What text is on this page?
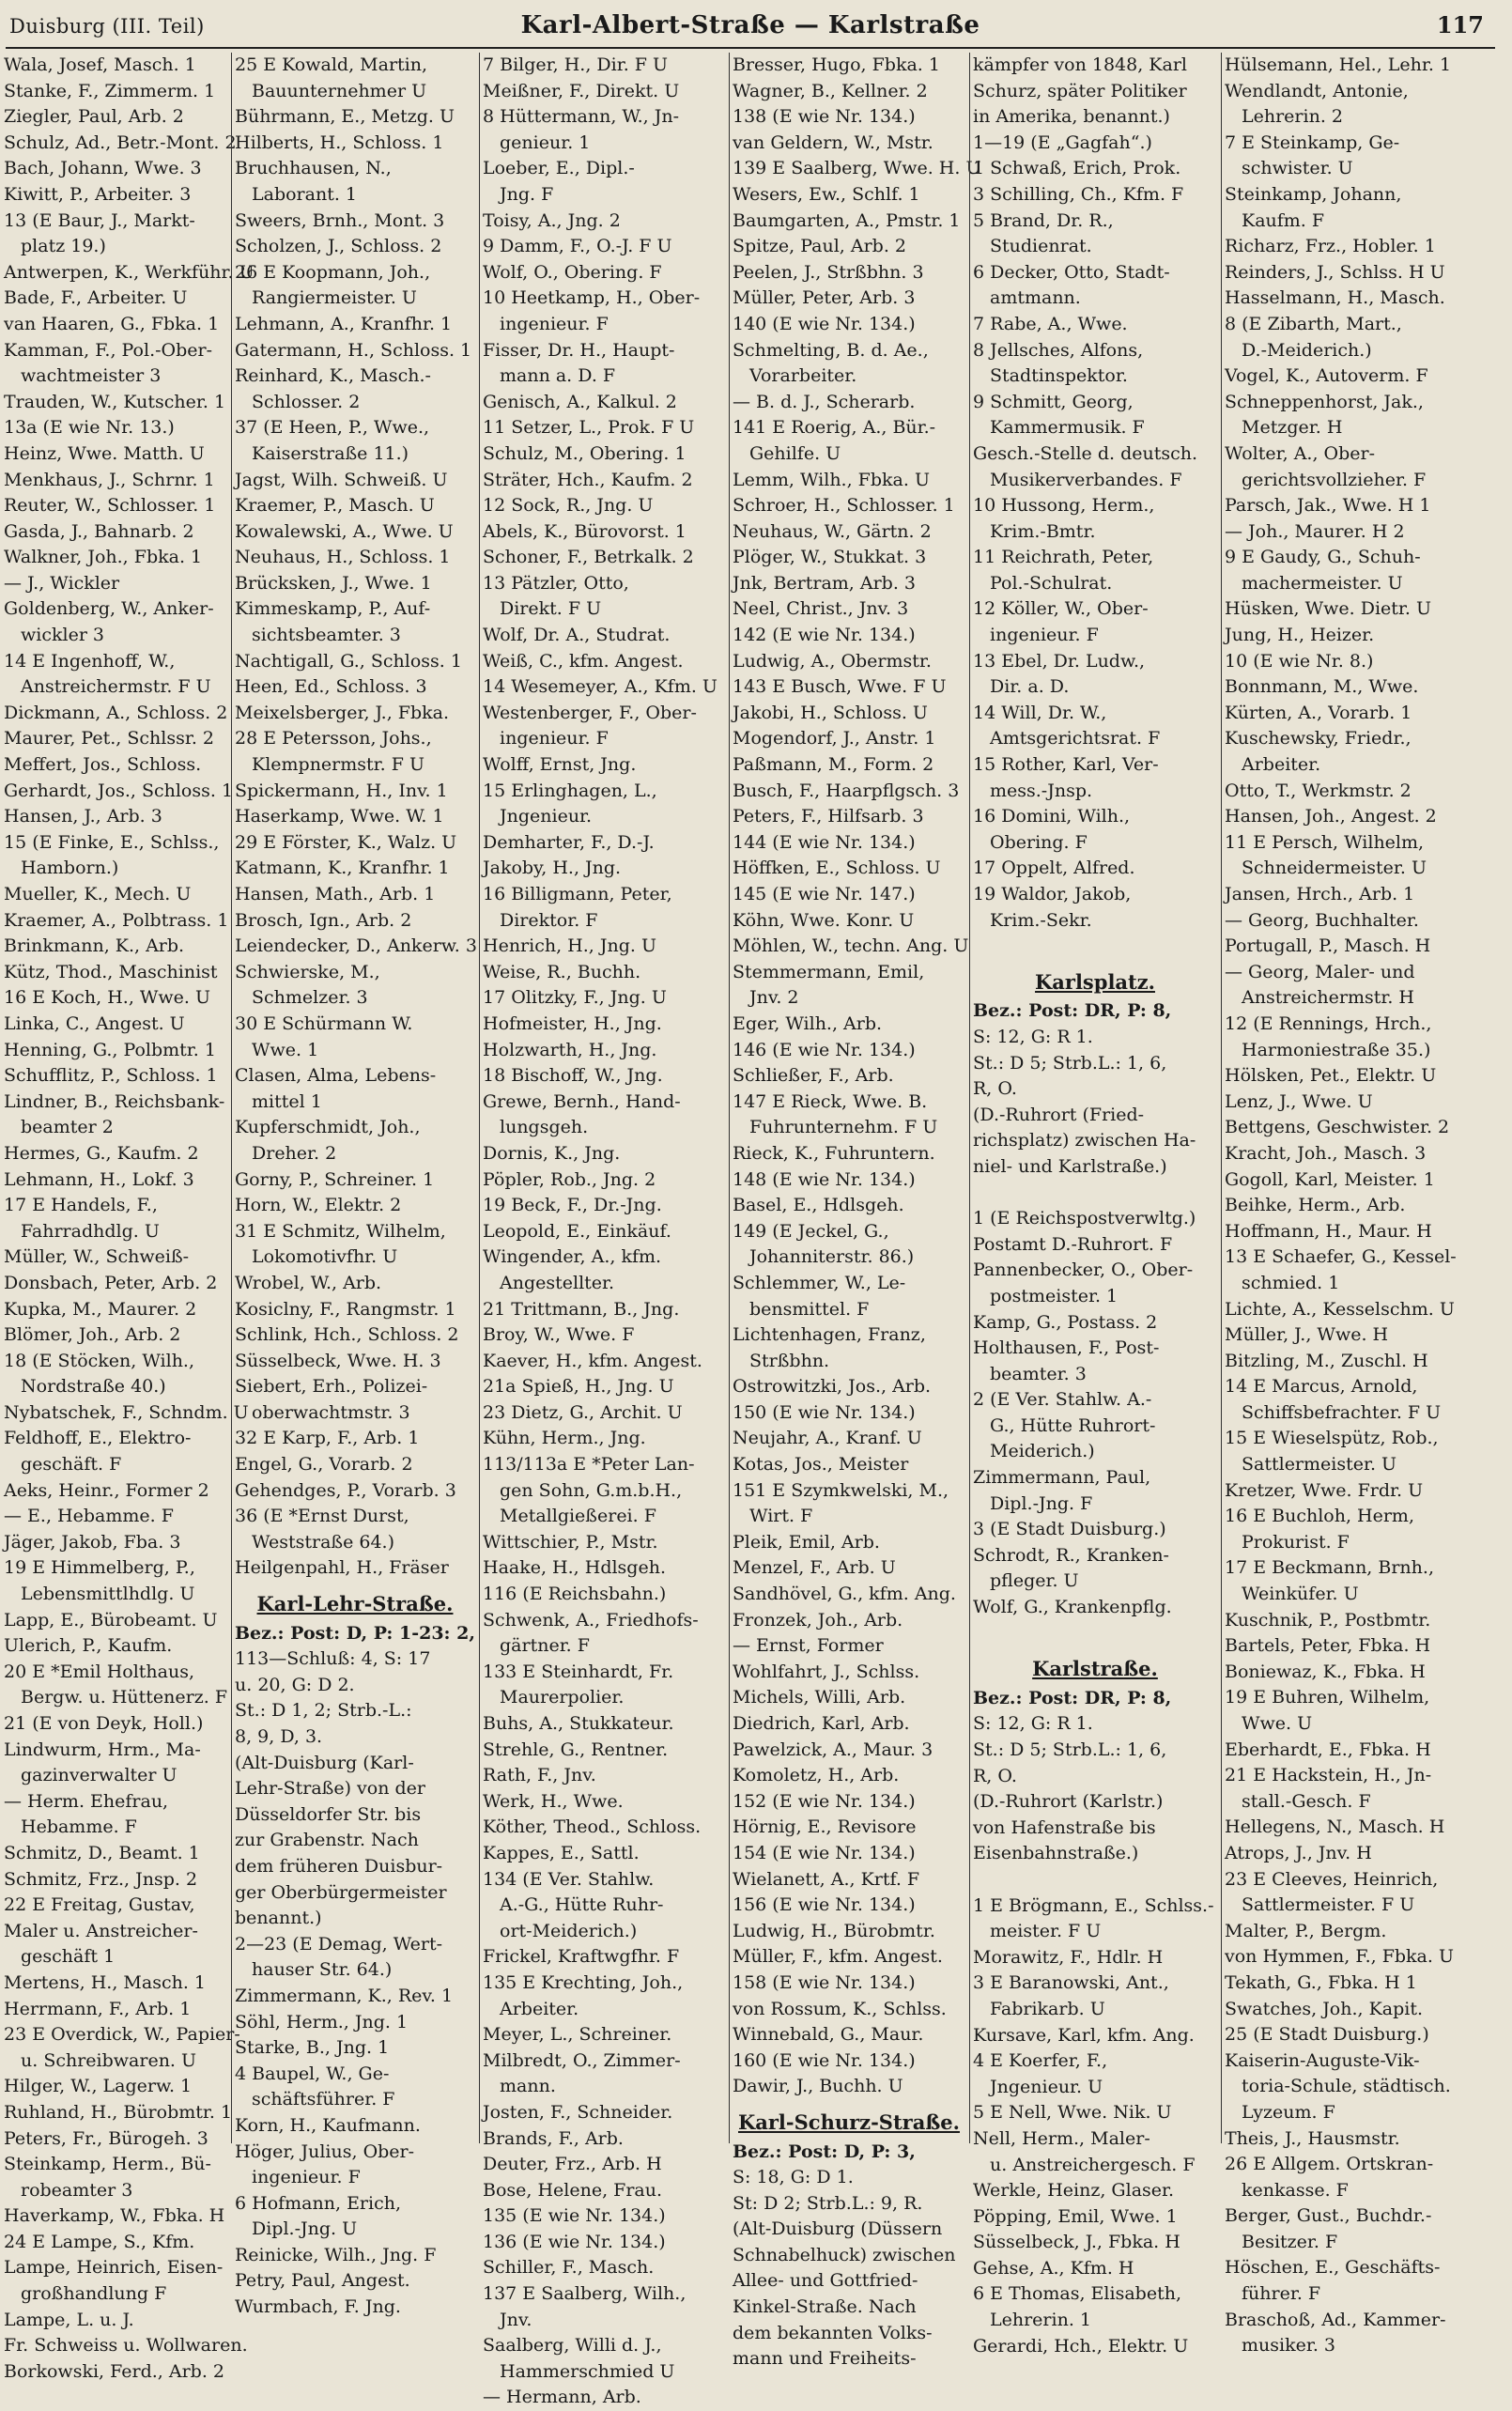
Duisburg (III. Teil)	Karl-Albert-Straße — Karlstraße	117
Wala, Josef, Masch. 1
Stanke, F., Zimmerm. 1
Ziegler, Paul, Arb. 2
Schulz, Ad., Betr.-Mont. 2
Bach, Johann, Wwe. 3
Kiwitt, P., Arbeiter. 3
13 (E Baur, J., Markt-
platz 19.)
Antwerpen, K., Werkführ. U
Bade, F., Arbeiter. U
van Haaren, G., Fbka. 1
Kamman, F., Pol.-Ober-
wachtmeister 3
Trauden, W., Kutscher. 1
13a (E wie Nr. 13.)
Heinz, Wwe. Matth. U
Menkhaus, J., Schrnr. 1
Reuter, W., Schlosser. 1
Gasda, J., Bahnarb. 2
Walkner, Joh., Fbka. 1
— J., Wickler
Goldenberg, W., Anker-
wickler 3
14 E Ingenhoff, W.,
Anstreichermstr. F U
Dickmann, A., Schloss. 2
Maurer, Pet., Schlssr. 2
Meffert, Jos., Schloss.
Gerhardt, Jos., Schloss. 1
Hansen, J., Arb. 3
15 (E Finke, E., Schlss.,
Hamborn.)
Mueller, K., Mech. U
Kraemer, A., Polbtrass. 1
Brinkmann, K., Arb.
Kütz, Thod., Maschinist
16 E Koch, H., Wwe. U
Linka, C., Angest. U
Henning, G., Polbmtr. 1
Schufflitz, P., Schloss. 1
Lindner, B., Reichsbank-
beamter 2
Hermes, G., Kaufm. 2
Lehmann, H., Lokf. 3
17 E Handels, F.,
Fahrradhdlg. U
Müller, W., Schweiß-
Donsbach, Peter, Arb. 2
Kupka, M., Maurer. 2
Blömer, Joh., Arb. 2
18 (E Stöcken, Wilh.,
Nordstraße 40.)
Nybatschek, F., Schndm. U
Feldhoff, E., Elektro-
geschäft. F
Aeks, Heinr., Former 2
— E., Hebamme. F
Jäger, Jakob, Fba. 3
19 E Himmelberg, P.,
Lebensmittlhdlg. U
Lapp, E., Bürobeamt. U
Ulerich, P., Kaufm.
20 E *Emil Holthaus,
Bergw. u. Hüttenerz. F
21 (E von Deyk, Holl.)
Lindwurm, Hrm., Ma-
gazinverwalter U
— Herm. Ehefrau,
Hebamme. F
Schmitz, D., Beamt. 1
Schmitz, Frz., Jnsp. 2
22 E Freitag, Gustav,
Maler u. Anstreicher-
geschäft 1
Mertens, H., Masch. 1
Herrmann, F., Arb. 1
23 E Overdick, W., Papier-
u. Schreibwaren. U
Hilger, W., Lagerw. 1
Ruhland, H., Bürobmtr. 1
Peters, Fr., Bürogeh. 3
Steinkamp, Herm., Bü-
robeamter 3
Haverkamp, W., Fbka. H
24 E Lampe, S., Kfm.
Lampe, Heinrich, Eisen-
großhandlung F
Lampe, L. u. J.
Fr. Schweiss u. Wollwaren.
Borkowski, Ferd., Arb. 2
25 E Kowald, Martin,
Bauunternehmer U
Bührmann, E., Metzg. U
Hilberts, H., Schloss. 1
Bruchhausen, N.,
Laborant. 1
Sweers, Brnh., Mont. 3
Scholzen, J., Schloss. 2
26 E Koopmann, Joh.,
Rangiermeister. U
Lehmann, A., Kranfhr. 1
Gatermann, H., Schloss. 1
Reinhard, K., Masch.-
Schlosser. 2
37 (E Heen, P., Wwe.,
Kaiserstraße 11.)
Jagst, Wilh. Schweiß. U
Kraemer, P., Masch. U
Kowalewski, A., Wwe. U
Neuhaus, H., Schloss. 1
Brücksken, J., Wwe. 1
Kimmeskamp, P., Auf-
sichtsbeamter. 3
Nachtigall, G., Schloss. 1
Heen, Ed., Schloss. 3
Meixelsberger, J., Fbka.
28 E Petersson, Johs.,
Klempnermstr. F U
Spickermann, H., Inv. 1
Haserkamp, Wwe. W. 1
29 E Förster, K., Walz. U
Katmann, K., Kranfhr. 1
Hansen, Math., Arb. 1
Brosch, Ign., Arb. 2
Leiendecker, D., Ankerw. 3
Schwierske, M.,
Schmelzer. 3
30 E Schürmann W.
Wwe. 1
Clasen, Alma, Lebens-
mittel 1
Kupferschmidt, Joh.,
Dreher. 2
Gorny, P., Schreiner. 1
Horn, W., Elektr. 2
31 E Schmitz, Wilhelm,
Lokomotivfhr. U
Wrobel, W., Arb.
Kosiclny, F., Rangmstr. 1
Schlink, Hch., Schloss. 2
Süsselbeck, Wwe. H. 3
Siebert, Erh., Polizei-
oberwachtmstr. 3
32 E Karp, F., Arb. 1
Engel, G., Vorarb. 2
Gehendges, P., Vorarb. 3
36 (E *Ernst Durst,
Weststraße 64.)
Heilgenpahl, H., Fräser
Karl-Lehr-Straße.
Bez.: Post: D, P: 1-23: 2,
113—Schluß: 4, S: 17
u. 20, G: D 2.
St.: D 1, 2; Strb.-L.:
8, 9, D, 3.
(Alt-Duisburg (Karl-
Lehr-Straße) von der
Düsseldorfer Str. bis
zur Grabenstr. Nach
dem früheren Duisbur-
ger Oberbürgermeister
benannt.)
2—23 (E Demag, Wert-
hauser Str. 64.)
Zimmermann, K., Rev. 1
Söhl, Herm., Jng. 1
Starke, B., Jng. 1
4 Baupel, W., Ge-
schäftsführer. F
Korn, H., Kaufmann.
Höger, Julius, Ober-
ingenieur. F
6 Hofmann, Erich,
Dipl.-Jng. U
Reinicke, Wilh., Jng. F
Petry, Paul, Angest.
Wurmbach, F. Jng.
7 Bilger, H., Dir. F U
Meißner, F., Direkt. U
8 Hüttermann, W., Jn-
genieur. 1
Loeber, E., Dipl.-
Jng. F
Toisy, A., Jng. 2
9 Damm, F., O.-J. F U
Wolf, O., Obering. F
10 Heetkamp, H., Ober-
ingenieur. F
Fisser, Dr. H., Haupt-
mann a. D. F
Genisch, A., Kalkul. 2
11 Setzer, L., Prok. F U
Schulz, M., Obering. 1
Sträter, Hch., Kaufm. 2
12 Sock, R., Jng. U
Abels, K., Bürovorst. 1
Schoner, F., Betrkalk. 2
13 Pätzler, Otto,
Direkt. F U
Wolf, Dr. A., Studrat.
Weiß, C., kfm. Angest.
14 Wesemeyer, A., Kfm. U
Westenberger, F., Ober-
ingenieur. F
Wolff, Ernst, Jng.
15 Erlinghagen, L.,
Jngenieur.
Demharter, F., D.-J.
Jakoby, H., Jng.
16 Billigmann, Peter,
Direktor. F
Henrich, H., Jng. U
Weise, R., Buchh.
17 Olitzky, F., Jng. U
Hofmeister, H., Jng.
Holzwarth, H., Jng.
18 Bischoff, W., Jng.
Grewe, Bernh., Hand-
lungsgeh.
Dornis, K., Jng.
Pöpler, Rob., Jng. 2
19 Beck, F., Dr.-Jng.
Leopold, E., Einkäuf.
Wingender, A., kfm.
Angestellter.
21 Trittmann, B., Jng.
Broy, W., Wwe. F
Kaever, H., kfm. Angest.
21a Spieß, H., Jng. U
23 Dietz, G., Archit. U
Kühn, Herm., Jng.
113/113a E *Peter Lan-
gen Sohn, G.m.b.H.,
Metallgießerei. F
Wittschier, P., Mstr.
Haake, H., Hdlsgeh.
116 (E Reichsbahn.)
Schwenk, A., Friedhofs-
gärtner. F
133 E Steinhardt, Fr.
Maurerpolier.
Buhs, A., Stukkateur.
Strehle, G., Rentner.
Rath, F., Jnv.
Werk, H., Wwe.
Köther, Theod., Schloss.
Kappes, E., Sattl.
134 (E Ver. Stahlw.
A.-G., Hütte Ruhr-
ort-Meiderich.)
Frickel, Kraftwgfhr. F
135 E Krechting, Joh.,
Arbeiter.
Meyer, L., Schreiner.
Milbredt, O., Zimmer-
mann.
Josten, F., Schneider.
Brands, F., Arb.
Deuter, Frz., Arb. H
Bose, Helene, Frau.
135 (E wie Nr. 134.)
136 (E wie Nr. 134.)
Schiller, F., Masch.
137 E Saalberg, Wilh.,
Jnv.
Saalberg, Willi d. J.,
Hammerschmied U
— Hermann, Arb.
Bresser, Hugo, Fbka. 1
Wagner, B., Kellner. 2
138 (E wie Nr. 134.)
van Geldern, W., Mstr.
139 E Saalberg, Wwe. H. U
Wesers, Ew., Schlf. 1
Baumgarten, A., Pmstr. 1
Spitze, Paul, Arb. 2
Peelen, J., Strßbhn. 3
Müller, Peter, Arb. 3
140 (E wie Nr. 134.)
Schmelting, B. d. Ae.,
Vorarbeiter.
— B. d. J., Scherarb.
141 E Roerig, A., Bür.-
Gehilfe. U
Lemm, Wilh., Fbka. U
Schroer, H., Schlosser. 1
Neuhaus, W., Gärtn. 2
Plöger, W., Stukkat. 3
Jnk, Bertram, Arb. 3
Neel, Christ., Jnv. 3
142 (E wie Nr. 134.)
Ludwig, A., Obermstr.
143 E Busch, Wwe. F U
Jakobi, H., Schloss. U
Mogendorf, J., Anstr. 1
Paßmann, M., Form. 2
Busch, F., Haarpflgsch. 3
Peters, F., Hilfsarb. 3
144 (E wie Nr. 134.)
Höffken, E., Schloss. U
145 (E wie Nr. 147.)
Köhn, Wwe. Konr. U
Möhlen, W., techn. Ang. U
Stemmermann, Emil,
Jnv. 2
Eger, Wilh., Arb.
146 (E wie Nr. 134.)
Schließer, F., Arb.
147 E Rieck, Wwe. B.
Fuhrunternehm. F U
Rieck, K., Fuhruntern.
148 (E wie Nr. 134.)
Basel, E., Hdlsgeh.
149 (E Jeckel, G.,
Johanniterstr. 86.)
Schlemmer, W., Le-
bensmittel. F
Lichtenhagen, Franz,
Strßbhn.
Ostrowitzki, Jos., Arb.
150 (E wie Nr. 134.)
Neujahr, A., Kranf. U
Kotas, Jos., Meister
151 E Szymkwelski, M.,
Wirt. F
Pleik, Emil, Arb.
Menzel, F., Arb. U
Sandhövel, G., kfm. Ang.
Fronzek, Joh., Arb.
— Ernst, Former
Wohlfahrt, J., Schlss.
Michels, Willi, Arb.
Diedrich, Karl, Arb.
Pawelzick, A., Maur. 3
Komoletz, H., Arb.
152 (E wie Nr. 134.)
Hörnig, E., Revisore
154 (E wie Nr. 134.)
Wielanett, A., Krtf. F
156 (E wie Nr. 134.)
Ludwig, H., Bürobmtr.
Müller, F., kfm. Angest.
158 (E wie Nr. 134.)
von Rossum, K., Schlss.
Winnebald, G., Maur.
160 (E wie Nr. 134.)
Dawir, J., Buchh. U
Karl-Schurz-Straße.
Bez.: Post: D, P: 3,
S: 18, G: D 1.
St: D 2; Strb.L.: 9, R.
(Alt-Duisburg (Düssern
Schnabelhuck) zwischen
Allee- und Gottfried-
Kinkel-Straße. Nach
dem bekannten Volks-
mann und Freiheits-
kämpfer von 1848, Karl
Schurz, später Politiker
in Amerika, benannt.)
1—19 (E „Gagfah“.)
1 Schwaß, Erich, Prok.
3 Schilling, Ch., Kfm. F
5 Brand, Dr. R.,
Studienrat.
6 Decker, Otto, Stadt-
amtmann.
7 Rabe, A., Wwe.
8 Jellsches, Alfons,
Stadtinspektor.
9 Schmitt, Georg,
Kammermusik. F
Gesch.-Stelle d. deutsch.
Musikerverbandes. F
10 Hussong, Herm.,
Krim.-Bmtr.
11 Reichrath, Peter,
Pol.-Schulrat.
12 Köller, W., Ober-
ingenieur. F
13 Ebel, Dr. Ludw.,
Dir. a. D.
14 Will, Dr. W.,
Amtsgerichtsrat. F
15 Rother, Karl, Ver-
mess.-Jnsp.
16 Domini, Wilh.,
Obering. F
17 Oppelt, Alfred.
19 Waldor, Jakob,
Krim.-Sekr.
Karlsplatz.
Bez.: Post: DR, P: 8,
S: 12, G: R 1.
St.: D 5; Strb.L.: 1, 6,
R, O.
(D.-Ruhrort (Fried-
richsplatz) zwischen Ha-
niel- und Karlstraße.)
1 (E Reichspostverwltg.)
Postamt D.-Ruhrort. F
Pannenbecker, O., Ober-
postmeister. 1
Kamp, G., Postass. 2
Holthausen, F., Post-
beamter. 3
2 (E Ver. Stahlw. A.-
G., Hütte Ruhrort-
Meiderich.)
Zimmermann, Paul,
Dipl.-Jng. F
3 (E Stadt Duisburg.)
Schrodt, R., Kranken-
pfleger. U
Wolf, G., Krankenpflg.
Karlstraße.
Bez.: Post: DR, P: 8,
S: 12, G: R 1.
St.: D 5; Strb.L.: 1, 6,
R, O.
(D.-Ruhrort (Karlstr.)
von Hafenstraße bis
Eisenbahnstraße.)
1 E Brögmann, E., Schlss.-
meister. F U
Morawitz, F., Hdlr. H
3 E Baranowski, Ant.,
Fabrikarb. U
Kursave, Karl, kfm. Ang.
4 E Koerfer, F.,
Jngenieur. U
5 E Nell, Wwe. Nik. U
Nell, Herm., Maler-
u. Anstreichergesch. F
Werkle, Heinz, Glaser.
Pöpping, Emil, Wwe. 1
Süsselbeck, J., Fbka. H
Gehse, A., Kfm. H
6 E Thomas, Elisabeth,
Lehrerin. 1
Gerardi, Hch., Elektr. U
Hülsemann, Hel., Lehr. 1
Wendlandt, Antonie,
Lehrerin. 2
7 E Steinkamp, Ge-
schwister. U
Steinkamp, Johann,
Kaufm. F
Richarz, Frz., Hobler. 1
Reinders, J., Schlss. H U
Hasselmann, H., Masch.
8 (E Zibarth, Mart.,
D.-Meiderich.)
Vogel, K., Autoverm. F
Schneppenhorst, Jak.,
Metzger. H
Wolter, A., Ober-
gerichtsvollzieher. F
Parsch, Jak., Wwe. H 1
— Joh., Maurer. H 2
9 E Gaudy, G., Schuh-
machermeister. U
Hüsken, Wwe. Dietr. U
Jung, H., Heizer.
10 (E wie Nr. 8.)
Bonnmann, M., Wwe.
Kürten, A., Vorarb. 1
Kuschewsky, Friedr.,
Arbeiter.
Otto, T., Werkmstr. 2
Hansen, Joh., Angest. 2
11 E Persch, Wilhelm,
Schneidermeister. U
Jansen, Hrch., Arb. 1
— Georg, Buchhalter.
Portugall, P., Masch. H
— Georg, Maler- und
Anstreichermstr. H
12 (E Rennings, Hrch.,
Harmoniestraße 35.)
Hölsken, Pet., Elektr. U
Lenz, J., Wwe. U
Bettgens, Geschwister. 2
Kracht, Joh., Masch. 3
Gogoll, Karl, Meister. 1
Beihke, Herm., Arb.
Hoffmann, H., Maur. H
13 E Schaefer, G., Kessel-
schmied. 1
Lichte, A., Kesselschm. U
Müller, J., Wwe. H
Bitzling, M., Zuschl. H
14 E Marcus, Arnold,
Schiffsbefrachter. F U
15 E Wieselspütz, Rob.,
Sattlermeister. U
Kretzer, Wwe. Frdr. U
16 E Buchloh, Herm,
Prokurist. F
17 E Beckmann, Brnh.,
Weinküfer. U
Kuschnik, P., Postbmtr.
Bartels, Peter, Fbka. H
Boniewaz, K., Fbka. H
19 E Buhren, Wilhelm,
Wwe. U
Eberhardt, E., Fbka. H
21 E Hackstein, H., Jn-
stall.-Gesch. F
Hellegens, N., Masch. H
Atrops, J., Jnv. H
23 E Cleeves, Heinrich,
Sattlermeister. F U
Malter, P., Bergm.
von Hymmen, F., Fbka. U
Tekath, G., Fbka. H 1
Swatches, Joh., Kapit.
25 (E Stadt Duisburg.)
Kaiserin-Auguste-Vik-
toria-Schule, städtisch.
Lyzeum. F
Theis, J., Hausmstr.
26 E Allgem. Ortskran-
kenkasse. F
Berger, Gust., Buchdr.-
Besitzer. F
Höschen, E., Geschäfts-
führer. F
Braschoß, Ad., Kammer-
musiker. 3
